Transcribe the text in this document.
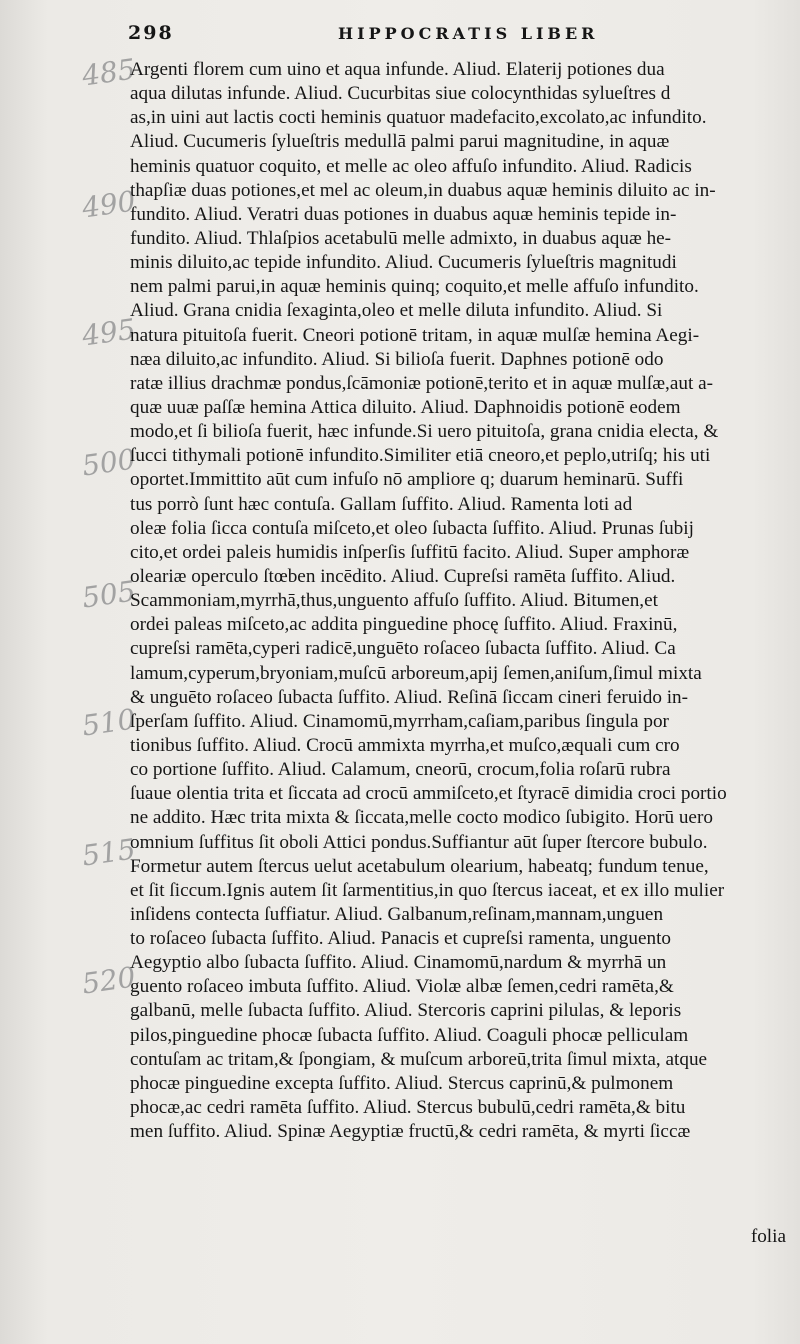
298	HIPPOCRATIS LIBER
485
490
495
500
505
510
515
520
Argenti florem cum uino et aqua infunde. Aliud. Elaterij potiones dua
aqua dilutas infunde. Aliud. Cucurbitas siue colocynthidas sylueſtres d
as,in uini aut lactis cocti heminis quatuor madefacito,excolato,ac infundito.
Aliud. Cucumeris ſylueſtris medullā palmi parui magnitudine, in aquæ
heminis quatuor coquito, et melle ac oleo affuſo infundito. Aliud. Radicis
thapſiæ duas potiones,et mel ac oleum,in duabus aquæ heminis diluito ac in-
fundito. Aliud. Veratri duas potiones in duabus aquæ heminis tepide in-
fundito. Aliud. Thlaſpios acetabulū melle admixto, in duabus aquæ he-
minis diluito,ac tepide infundito. Aliud. Cucumeris ſylueſtris magnitudi
nem palmi parui,in aquæ heminis quinq; coquito,et melle affuſo infundito.
Aliud. Grana cnidia ſexaginta,oleo et melle diluta infundito. Aliud. Si
natura pituitoſa fuerit. Cneori potionē tritam, in aquæ mulſæ hemina Aegi-
næa diluito,ac infundito. Aliud. Si bilioſa fuerit. Daphnes potionē odo
ratæ illius drachmæ pondus,ſcāmoniæ potionē,terito et in aquæ mulſæ,aut a-
quæ uuæ paſſæ hemina Attica diluito. Aliud. Daphnoidis potionē eodem
modo,et ſi bilioſa fuerit, hæc infunde.Si uero pituitoſa, grana cnidia electa, &
ſucci tithymali potionē infundito.Similiter etiā cneoro,et peplo,utriſq; his uti
oportet.Immittito aūt cum infuſo nō ampliore q; duarum heminarū. Suffi
tus porrò ſunt hæc contuſa. Gallam ſuffito. Aliud. Ramenta loti ad
oleæ folia ſicca contuſa miſceto,et oleo ſubacta ſuffito. Aliud. Prunas ſubij
cito,et ordei paleis humidis inſperſis ſuffitū facito. Aliud. Super amphoræ
oleariæ operculo ſtœben incēdito. Aliud. Cupreſsi ramēta ſuffito. Aliud.
Scammoniam,myrrhā,thus,unguento affuſo ſuffito. Aliud. Bitumen,et
ordei paleas miſceto,ac addita pinguedine phocę ſuffito. Aliud. Fraxinū,
cupreſsi ramēta,cyperi radicē,unguēto roſaceo ſubacta ſuffito. Aliud. Ca
lamum,cyperum,bryoniam,muſcū arboreum,apij ſemen,aniſum,ſimul mixta
& unguēto roſaceo ſubacta ſuffito. Aliud. Reſinā ſiccam cineri feruido in-
ſperſam ſuffito. Aliud. Cinamomū,myrrham,caſiam,paribus ſingula por
tionibus ſuffito. Aliud. Crocū ammixta myrrha,et muſco,æquali cum cro
co portione ſuffito. Aliud. Calamum, cneorū, crocum,folia roſarū rubra
ſuaue olentia trita et ſiccata ad crocū ammiſceto,et ſtyracē dimidia croci portio
ne addito. Hæc trita mixta & ſiccata,melle cocto modico ſubigito. Horū uero
omnium ſuffitus ſit oboli Attici pondus.Suffiantur aūt ſuper ſtercore bubulo.
Formetur autem ſtercus uelut acetabulum olearium, habeatq; fundum tenue,
et ſit ſiccum.Ignis autem ſit ſarmentitius,in quo ſtercus iaceat, et ex illo mulier
inſidens contecta ſuffiatur. Aliud. Galbanum,reſinam,mannam,unguen
to roſaceo ſubacta ſuffito. Aliud. Panacis et cupreſsi ramenta, unguento
Aegyptio albo ſubacta ſuffito. Aliud. Cinamomū,nardum & myrrhā un
guento roſaceo imbuta ſuffito. Aliud. Violæ albæ ſemen,cedri ramēta,&
galbanū, melle ſubacta ſuffito. Aliud. Stercoris caprini pilulas, & leporis
pilos,pinguedine phocæ ſubacta ſuffito. Aliud. Coaguli phocæ pelliculam
contuſam ac tritam,& ſpongiam, & muſcum arboreū,trita ſimul mixta, atque
phocæ pinguedine excepta ſuffito. Aliud. Stercus caprinū,& pulmonem
phocæ,ac cedri ramēta ſuffito. Aliud. Stercus bubulū,cedri ramēta,& bitu
men ſuffito. Aliud. Spinæ Aegyptiæ fructū,& cedri ramēta, & myrti ſiccæ
folia
